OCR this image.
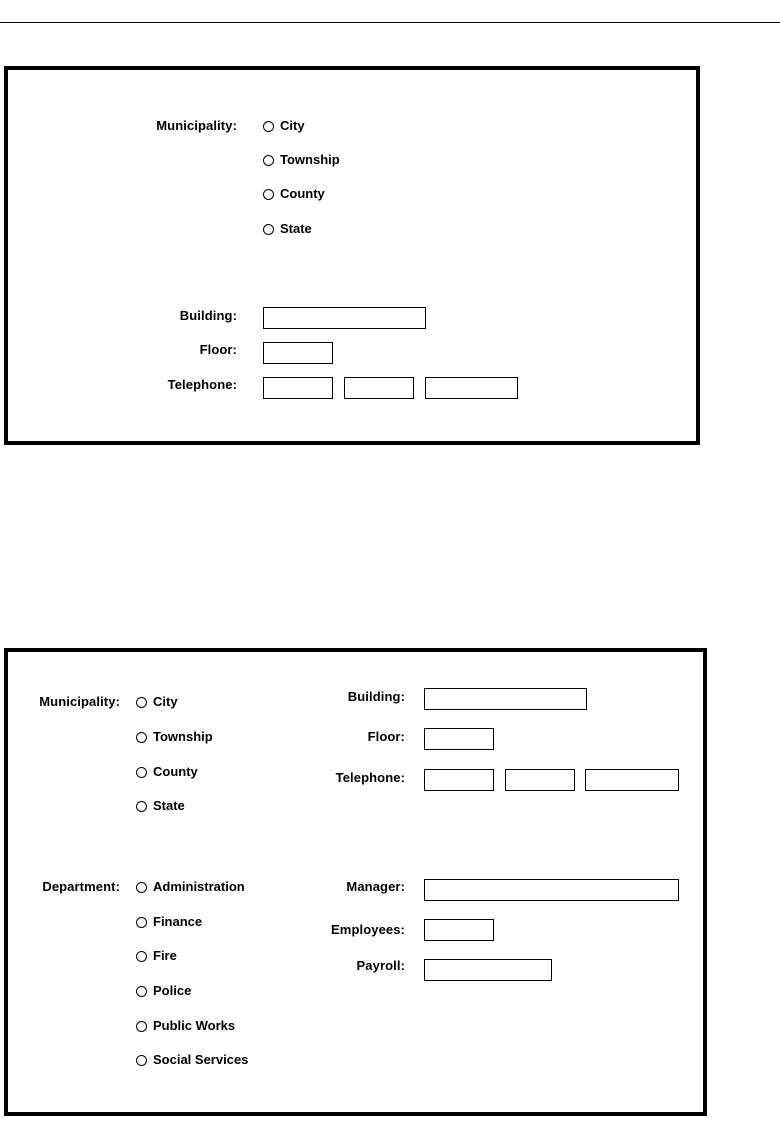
Municipality:	City
Township
County
State
Building:
Floor:
Telephone:
Municipality:	City
Township
County
State
Building:
Floor:
Telephone:
Department:	Administration
Finance
Fire
Police
Public Works
Social Services
Manager:
Employees:
Payroll:
